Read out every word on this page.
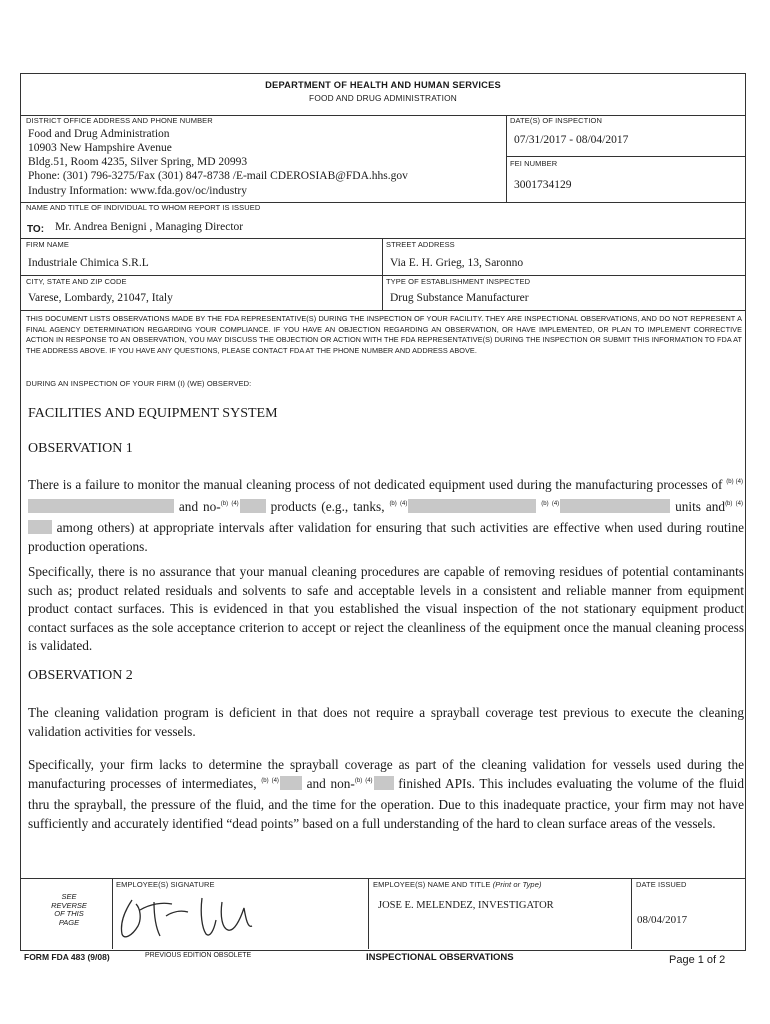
DEPARTMENT OF HEALTH AND HUMAN SERVICES
FOOD AND DRUG ADMINISTRATION
DISTRICT OFFICE ADDRESS AND PHONE NUMBER
Food and Drug Administration
10903 New Hampshire Avenue
Bldg.51, Room 4235, Silver Spring, MD 20993
Phone: (301) 796-3275/Fax (301) 847-8738 /E-mail CDEROSIAB@FDA.hhs.gov
Industry Information: www.fda.gov/oc/industry
DATE(S) OF INSPECTION
07/31/2017 - 08/04/2017
FEI NUMBER
3001734129
NAME AND TITLE OF INDIVIDUAL TO WHOM REPORT IS ISSUED
TO: Mr. Andrea Benigni , Managing Director
FIRM NAME
Industriale Chimica S.R.L
STREET ADDRESS
Via E. H. Grieg, 13, Saronno
CITY, STATE AND ZIP CODE
Varese, Lombardy, 21047, Italy
TYPE OF ESTABLISHMENT INSPECTED
Drug Substance Manufacturer
THIS DOCUMENT LISTS OBSERVATIONS MADE BY THE FDA REPRESENTATIVE(S) DURING THE INSPECTION OF YOUR FACILITY. THEY ARE INSPECTIONAL OBSERVATIONS, AND DO NOT REPRESENT A FINAL AGENCY DETERMINATION REGARDING YOUR COMPLIANCE. IF YOU HAVE AN OBJECTION REGARDING AN OBSERVATION, OR HAVE IMPLEMENTED, OR PLAN TO IMPLEMENT CORRECTIVE ACTION IN RESPONSE TO AN OBSERVATION, YOU MAY DISCUSS THE OBJECTION OR ACTION WITH THE FDA REPRESENTATIVE(S) DURING THE INSPECTION OR SUBMIT THIS INFORMATION TO FDA AT THE ADDRESS ABOVE. IF YOU HAVE ANY QUESTIONS, PLEASE CONTACT FDA AT THE PHONE NUMBER AND ADDRESS ABOVE.
DURING AN INSPECTION OF YOUR FIRM (I) (WE) OBSERVED:
FACILITIES AND EQUIPMENT SYSTEM
OBSERVATION 1
There is a failure to monitor the manual cleaning process of not dedicated equipment used during the manufacturing processes of $^{(b) (4)}$ and no-$^{(b) (4)}$ products (e.g., tanks, $^{(b) (4)}$	$^{(b) (4)}$	units and$^{(b) (4)}$ among others) at appropriate intervals after validation for ensuring that such activities are effective when used during routine production operations.
Specifically, there is no assurance that your manual cleaning procedures are capable of removing residues of potential contaminants such as; product related residuals and solvents to safe and acceptable levels in a consistent and reliable manner from equipment product contact surfaces. This is evidenced in that you established the visual inspection of the not stationary equipment product contact surfaces as the sole acceptance criterion to accept or reject the cleanliness of the equipment once the manual cleaning process is validated.
OBSERVATION 2
The cleaning validation program is deficient in that does not require a sprayball coverage test previous to execute the cleaning validation activities for vessels.
Specifically, your firm lacks to determine the sprayball coverage as part of the cleaning validation for vessels used during the manufacturing processes of intermediates, $^{(b) (4)}$ and non-$^{(b) (4)}$ finished APIs. This includes evaluating the volume of the fluid thru the sprayball, the pressure of the fluid, and the time for the operation. Due to this inadequate practice, your firm may not have sufficiently and accurately identified “dead points” based on a full understanding of the hard to clean surface areas of the vessels.
SEE
REVERSE
OF THIS
PAGE
EMPLOYEE(S) SIGNATURE	EMPLOYEE(S) NAME AND TITLE (Print or Type)
JOSE E. MELENDEZ, INVESTIGATOR
DATE ISSUED
08/04/2017
FORM FDA 483 (9/08)	PREVIOUS EDITION OBSOLETE	INSPECTIONAL OBSERVATIONS	Page 1 of 2
